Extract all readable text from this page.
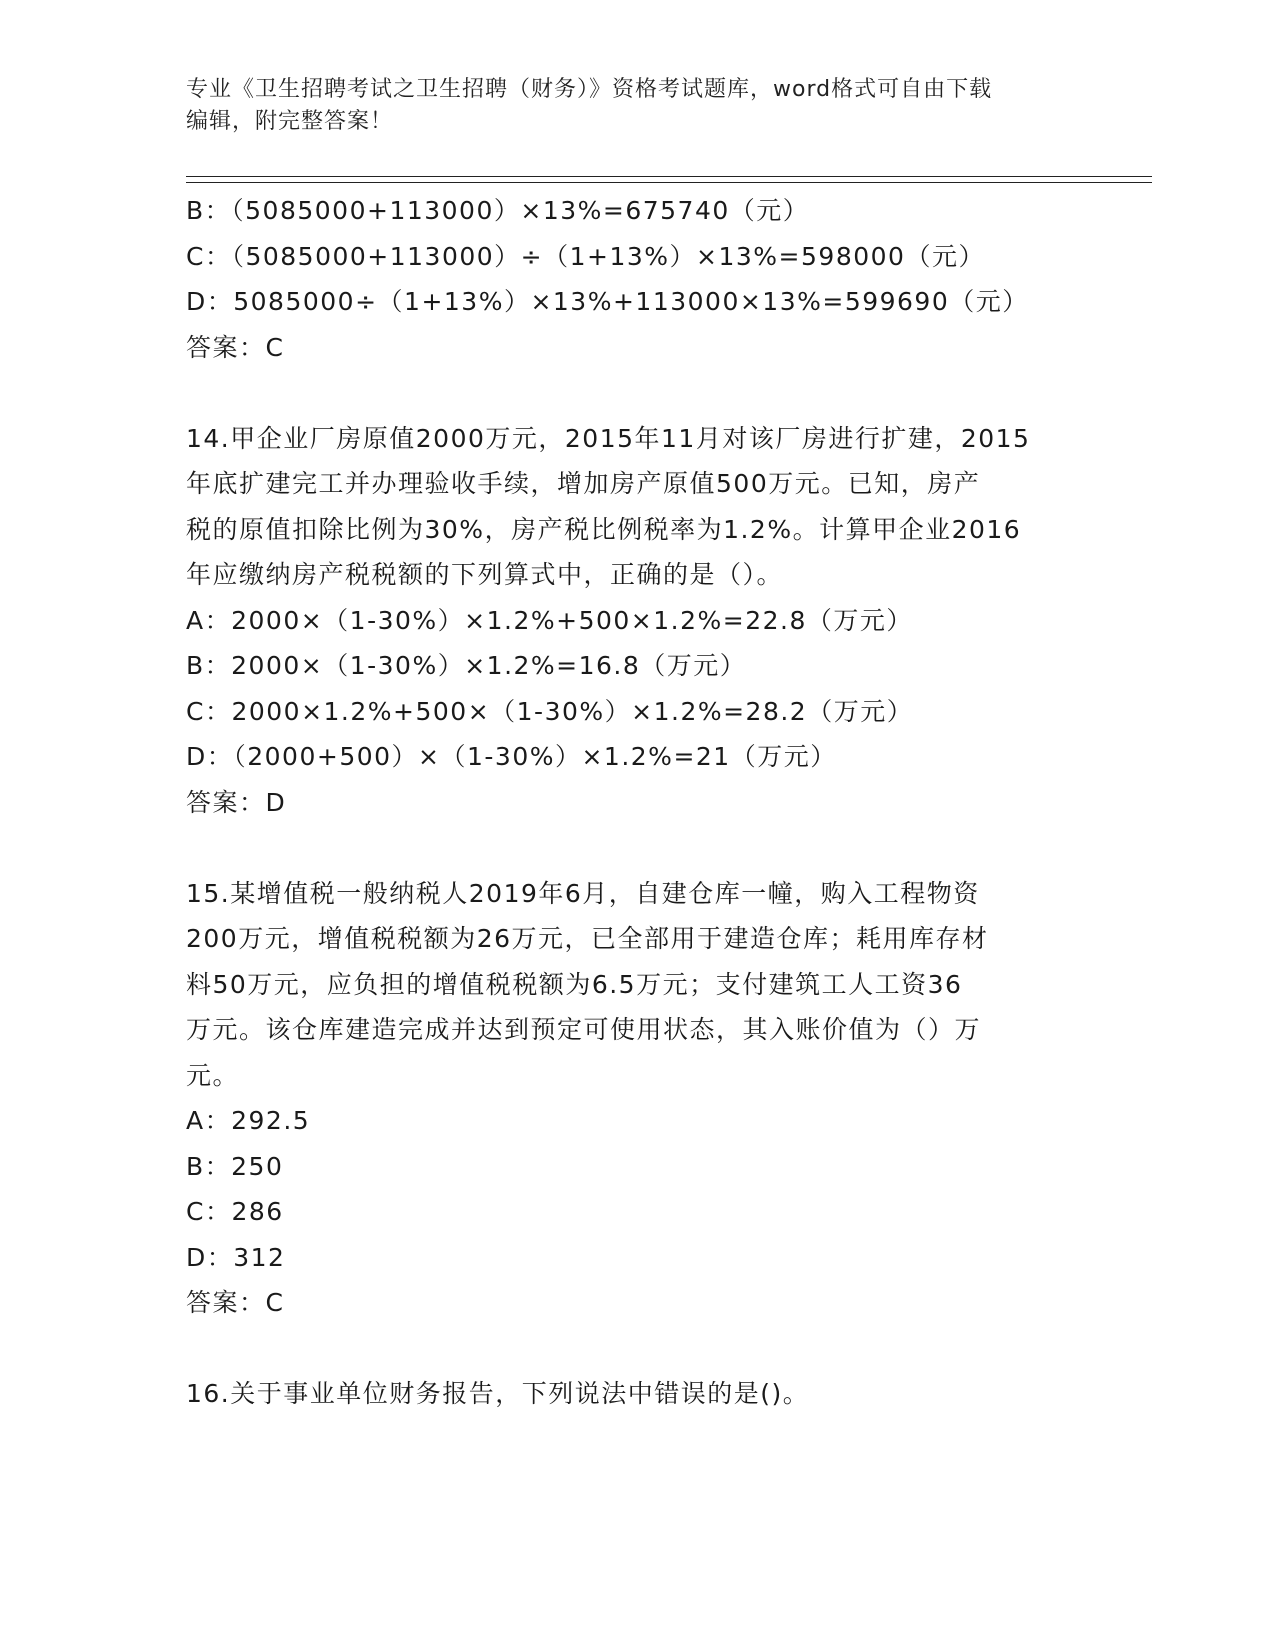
专业《卫生招聘考试之卫生招聘（财务）》资格考试题库，word格式可自由下载
编辑，附完整答案！
B：（5085000+113000）×13%=675740（元）
C：（5085000+113000）÷（1+13%）×13%=598000（元）
D：5085000÷（1+13%）×13%+113000×13%=599690（元）
答案：C
14.甲企业厂房原值2000万元，2015年11月对该厂房进行扩建，2015
年底扩建完工并办理验收手续，增加房产原值500万元。已知，房产
税的原值扣除比例为30%，房产税比例税率为1.2%。计算甲企业2016
年应缴纳房产税税额的下列算式中，正确的是（）。
A：2000×（1-30%）×1.2%+500×1.2%=22.8（万元）
B：2000×（1-30%）×1.2%=16.8（万元）
C：2000×1.2%+500×（1-30%）×1.2%=28.2（万元）
D：（2000+500）×（1-30%）×1.2%=21（万元）
答案：D
15.某增值税一般纳税人2019年6月，自建仓库一幢，购入工程物资
200万元，增值税税额为26万元，已全部用于建造仓库；耗用库存材
料50万元，应负担的增值税税额为6.5万元；支付建筑工人工资36
万元。该仓库建造完成并达到预定可使用状态，其入账价值为（）万
元。
A：292.5
B：250
C：286
D：312
答案：C
16.关于事业单位财务报告，下列说法中错误的是()。
